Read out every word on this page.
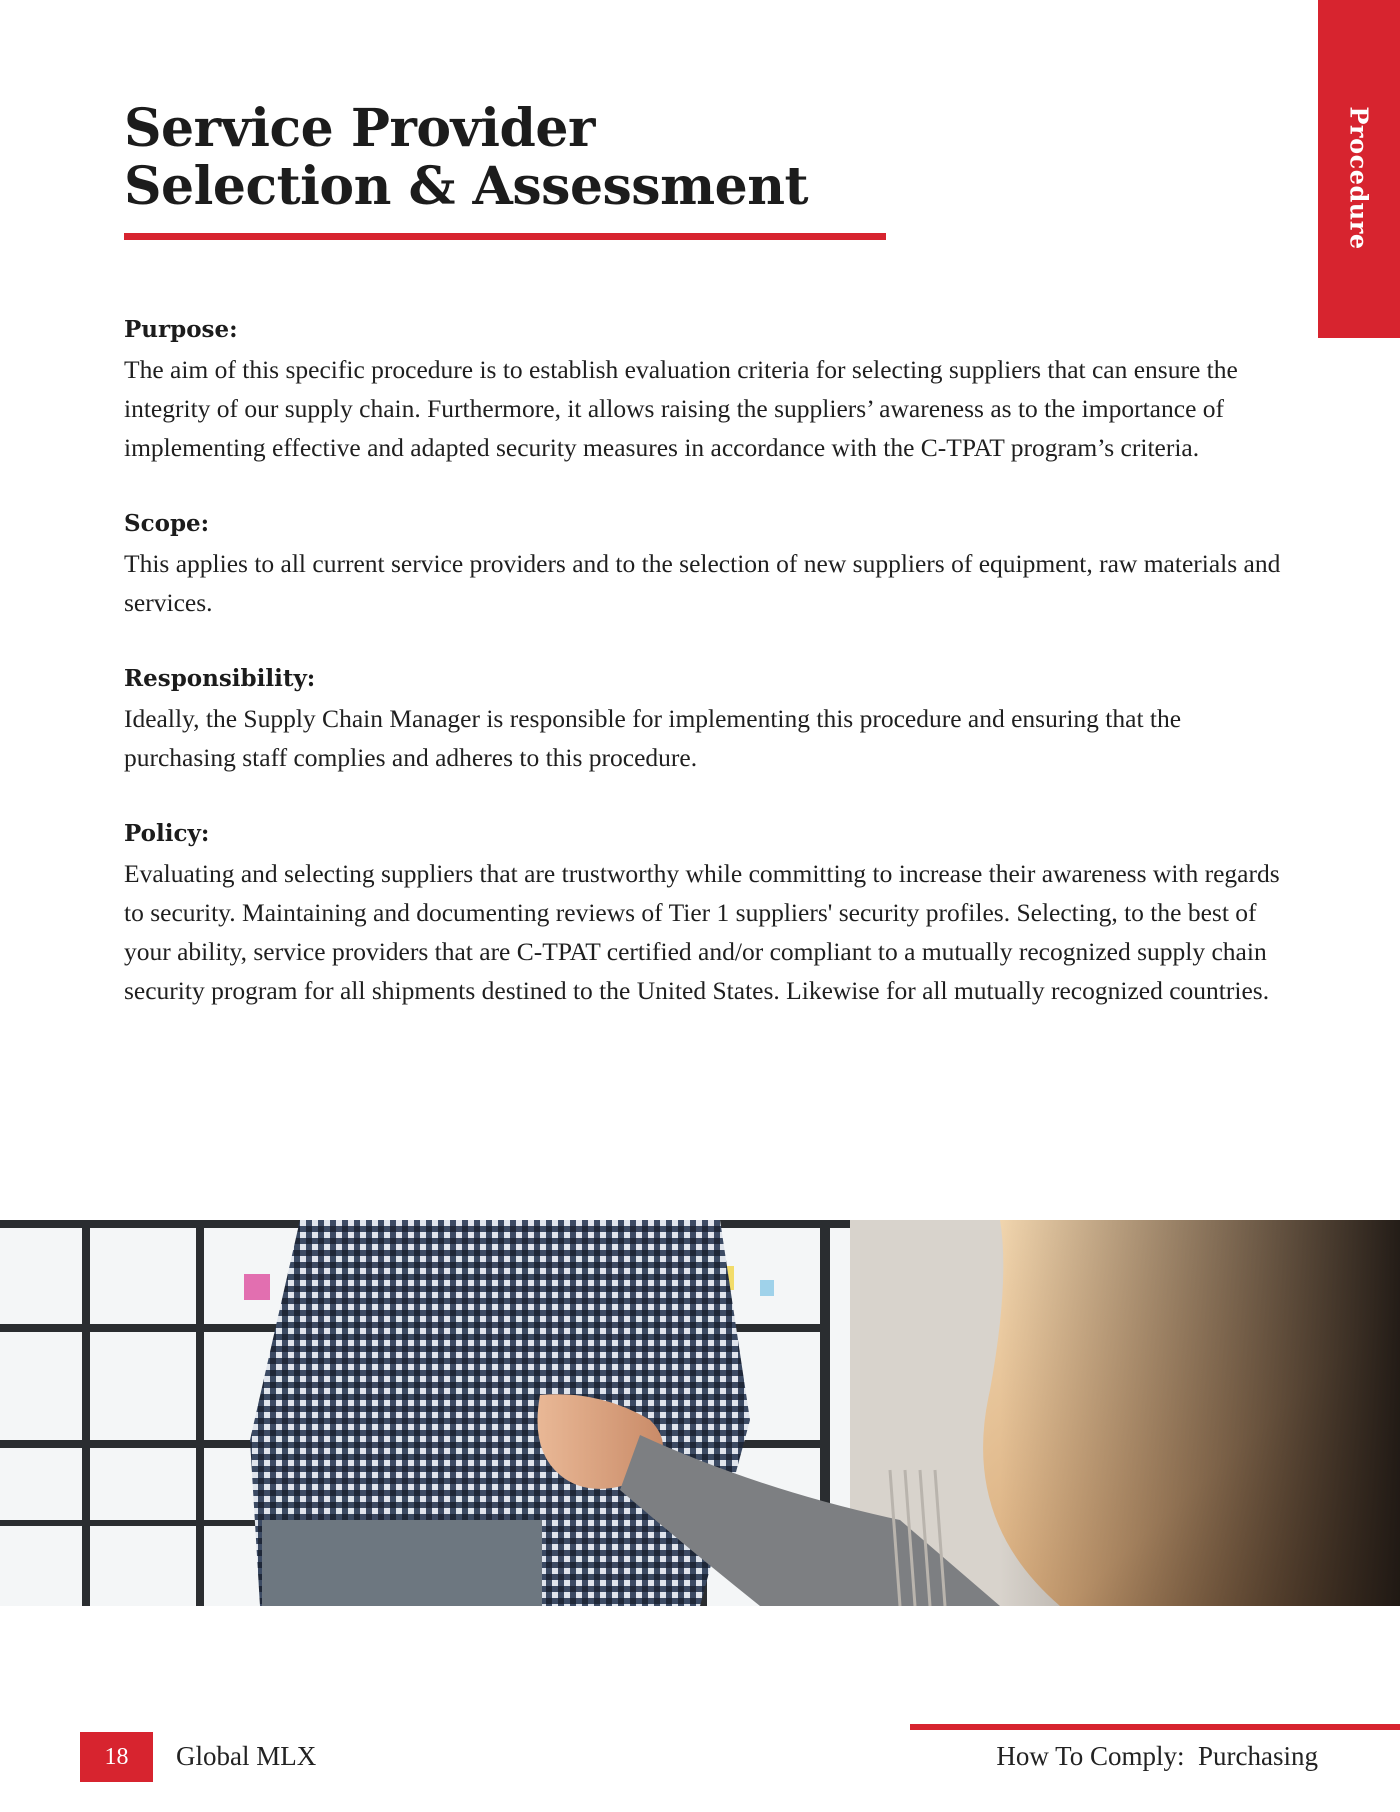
Procedure
Service Provider
Selection & Assessment
Purpose:

The aim of this specific procedure is to establish evaluation criteria for selecting suppliers that can ensure the integrity of our supply chain. Furthermore, it allows raising the suppliers’ awareness as to the importance of implementing effective and adapted security measures in accordance with the C-TPAT program’s criteria.

Scope:

This applies to all current service providers and to the selection of new suppliers of equipment, raw materials and services.

Responsibility:

Ideally, the Supply Chain Manager is responsible for implementing this procedure and ensuring that the purchasing staff complies and adheres to this procedure.

Policy:

Evaluating and selecting suppliers that are trustworthy while committing to increase their awareness with regards to security. Maintaining and documenting reviews of Tier 1 suppliers' security profiles. Selecting, to the best of your ability, service providers that are C-TPAT certified and/or compliant to a mutually recognized supply chain security program for all shipments destined to the United States. Likewise for all mutually recognized countries.

18	Global MLX	How To Comply:  Purchasing
